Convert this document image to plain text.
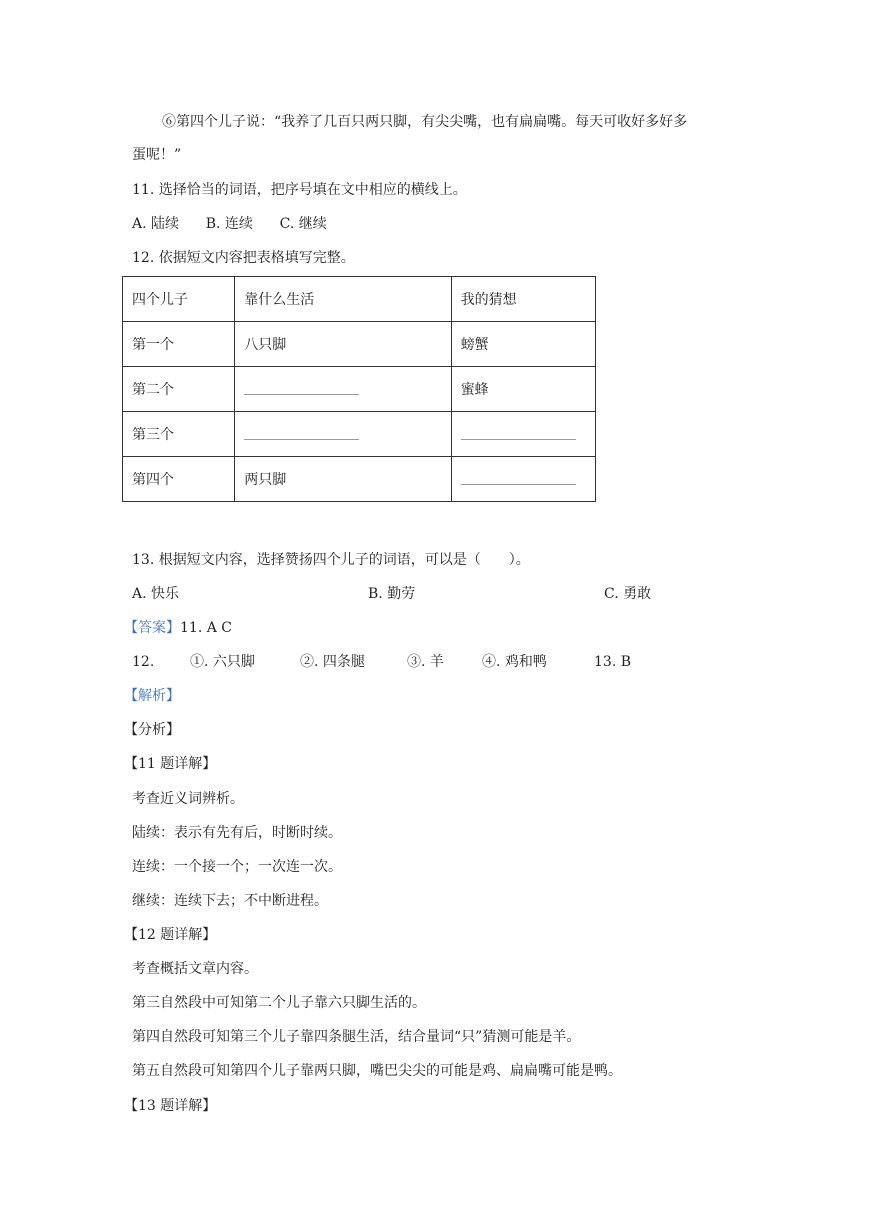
⑥第四个儿子说：“我养了几百只两只脚，有尖尖嘴，也有扁扁嘴。每天可收好多好多
蛋呢！”
11. 选择恰当的词语，把序号填在文中相应的横线上。
A. 陆续      B. 连续      C. 继续
12. 依据短文内容把表格填写完整。
四个儿子	靠什么生活	我的猜想
第一个	八只脚	螃蟹
第二个		蜜蜂
第三个		
第四个	两只脚	
13. 根据短文内容，选择赞扬四个儿子的词语，可以是（　　）。
A. 快乐	B. 勤劳	C. 勇敢
【答案】11. A C
12.	①. 六只脚	②. 四条腿	③. 羊	④. 鸡和鸭	13. B
【解析】
【分析】
【11 题详解】
考查近义词辨析。
陆续：表示有先有后，时断时续。
连续：一个接一个；一次连一次。
继续：连续下去；不中断进程。
【12 题详解】
考查概括文章内容。
第三自然段中可知第二个儿子靠六只脚生活的。
第四自然段可知第三个儿子靠四条腿生活，结合量词“只”猜测可能是羊。
第五自然段可知第四个儿子靠两只脚，嘴巴尖尖的可能是鸡、扁扁嘴可能是鸭。
【13 题详解】
